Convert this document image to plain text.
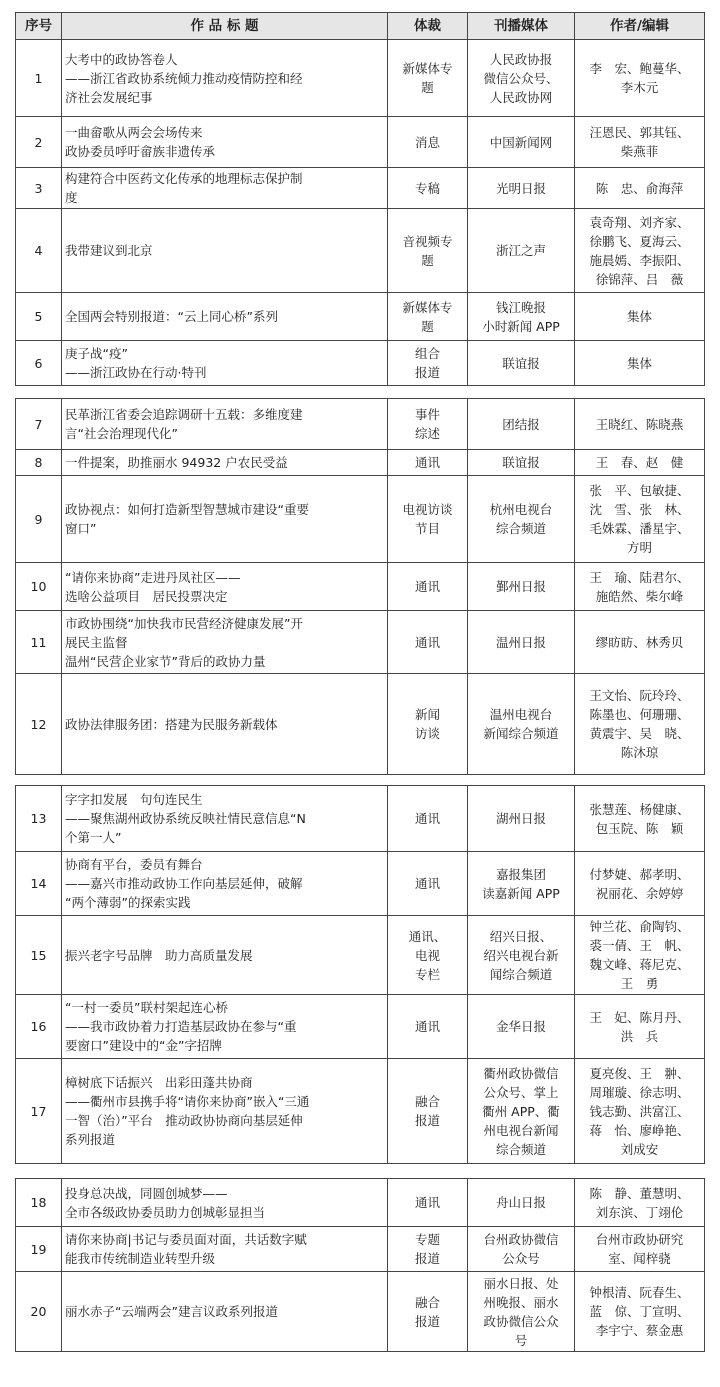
序号	作 品 标 题	体裁	刊播媒体	作者/编辑
1	大考中的政协答卷人
——浙江省政协系统倾力推动疫情防控和经
济社会发展纪事	新媒体专
题	人民政协报
微信公众号、
人民政协网	李　宏、鲍蔓华、
李木元

2	一曲畲歌从两会会场传来
政协委员呼吁畲族非遗传承	消息	中国新闻网	汪恩民、郭其钰、
柴燕菲

3	构建符合中医药文化传承的地理标志保护制
度	专稿	光明日报	陈　忠、俞海萍

4	我带建议到北京	音视频专
题	浙江之声	袁奇翔、刘齐家、
徐鹏飞、夏海云、
施晨嫣、李振阳、
徐锦萍、吕　薇

5	全国两会特别报道：“云上同心桥”系列	新媒体专
题	钱江晚报
小时新闻 APP	集体

6	庚子战“疫”
——浙江政协在行动·特刊	组合
报道	联谊报	集体
7	民革浙江省委会追踪调研十五载：多维度建
言“社会治理现代化”	事件
综述	团结报	王晓红、陈晓燕

8	一件提案，助推丽水 94932 户农民受益	通讯	联谊报	王　春、赵　健

9	政协视点：如何打造新型智慧城市建设“重要
窗口”	电视访谈
节目	杭州电视台
综合频道	张　平、包敏捷、
沈　雪、张　林、
毛姝霖、潘星宇、
方明

10	“请你来协商”走进丹凤社区——
选啥公益项目　居民投票决定	通讯	鄞州日报	王　瑜、陆君尔、
施皓然、柴尔峰

11	市政协围绕“加快我市民营经济健康发展”开
展民主监督
温州“民营企业家节”背后的政协力量	通讯	温州日报	缪眆眆、林秀贝

12	政协法律服务团：搭建为民服务新载体	新闻
访谈	温州电视台
新闻综合频道	王文怡、阮玲玲、
陈墨也、何珊珊、
黄震宇、吴　晓、
陈沐琼
13	字字扣发展　句句连民生
——聚焦湖州政协系统反映社情民意信息“N
个第一人”	通讯	湖州日报	张慧莲、杨健康、
包玉院、陈　颖

14	协商有平台，委员有舞台
——嘉兴市推动政协工作向基层延伸，破解
“两个薄弱”的探索实践	通讯	嘉报集团
读嘉新闻 APP	付梦婕、郝孝明、
祝丽花、余婷婷

15	振兴老字号品牌　助力高质量发展	通讯、
电视
专栏	绍兴日报、
绍兴电视台新
闻综合频道	钟兰花、俞陶钧、
裘一倩、王　帆、
魏文峰、蒋尼克、
王　勇

16	“一村一委员”联村架起连心桥
——我市政协着力打造基层政协在参与“重
要窗口”建设中的“金”字招牌	通讯	金华日报	王　妃、陈月丹、
洪　兵

17	樟树底下话振兴　出彩田蓬共协商
——衢州市县携手将“请你来协商”嵌入“三通
一智（治）”平台　推动政协协商向基层延伸
系列报道	融合
报道	衢州政协微信
公众号、掌上
衢州 APP、衢
州电视台新闻
综合频道	夏亮俊、王　翀、
周璀璇、徐志明、
钱志勤、洪富江、
蒋　怡、廖峥艳、
刘成安
18	投身总决战，同圆创城梦——
全市各级政协委员助力创城彰显担当	通讯	舟山日报	陈　静、董慧明、
刘东滨、丁翊伦

19	请你来协商|书记与委员面对面，共话数字赋
能我市传统制造业转型升级	专题
报道	台州政协微信
公众号	台州市政协研究
室、闻梓骁

20	丽水赤子“云端两会”建言议政系列报道	融合
报道	丽水日报、处
州晚报、丽水
政协微信公众
号	钟根清、阮春生、
蓝　倞、丁宣明、
李宇宁、蔡金惠
